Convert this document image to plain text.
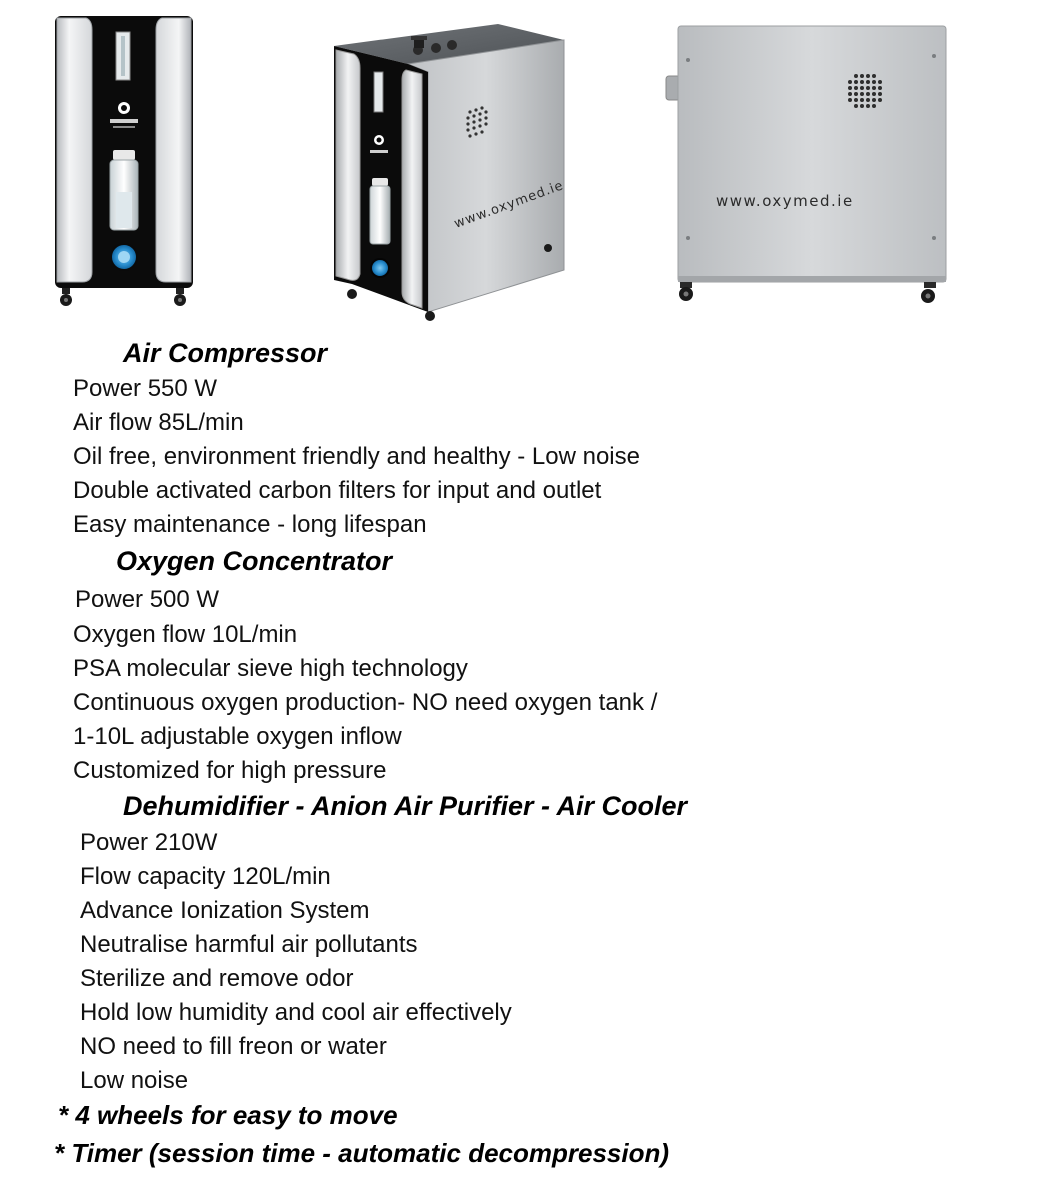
www.oxymed.ie	www.oxymed.ie
Air Compressor
Power 550 W
Air flow 85L/min
Oil free, environment friendly and healthy - Low noise
Double activated carbon filters for input and outlet
Easy maintenance - long lifespan
Oxygen Concentrator
Power 500 W
Oxygen flow 10L/min
PSA molecular sieve high technology
Continuous oxygen production- NO need oxygen tank /
1-10L adjustable oxygen inflow
Customized for high pressure
Dehumidifier - Anion Air Purifier - Air Cooler
Power 210W
Flow capacity 120L/min
Advance Ionization System
Neutralise harmful air pollutants
Sterilize and remove odor
Hold low humidity and cool air effectively
NO need to fill freon or water
Low noise
* 4 wheels for easy to move
* Timer (session time - automatic decompression)
